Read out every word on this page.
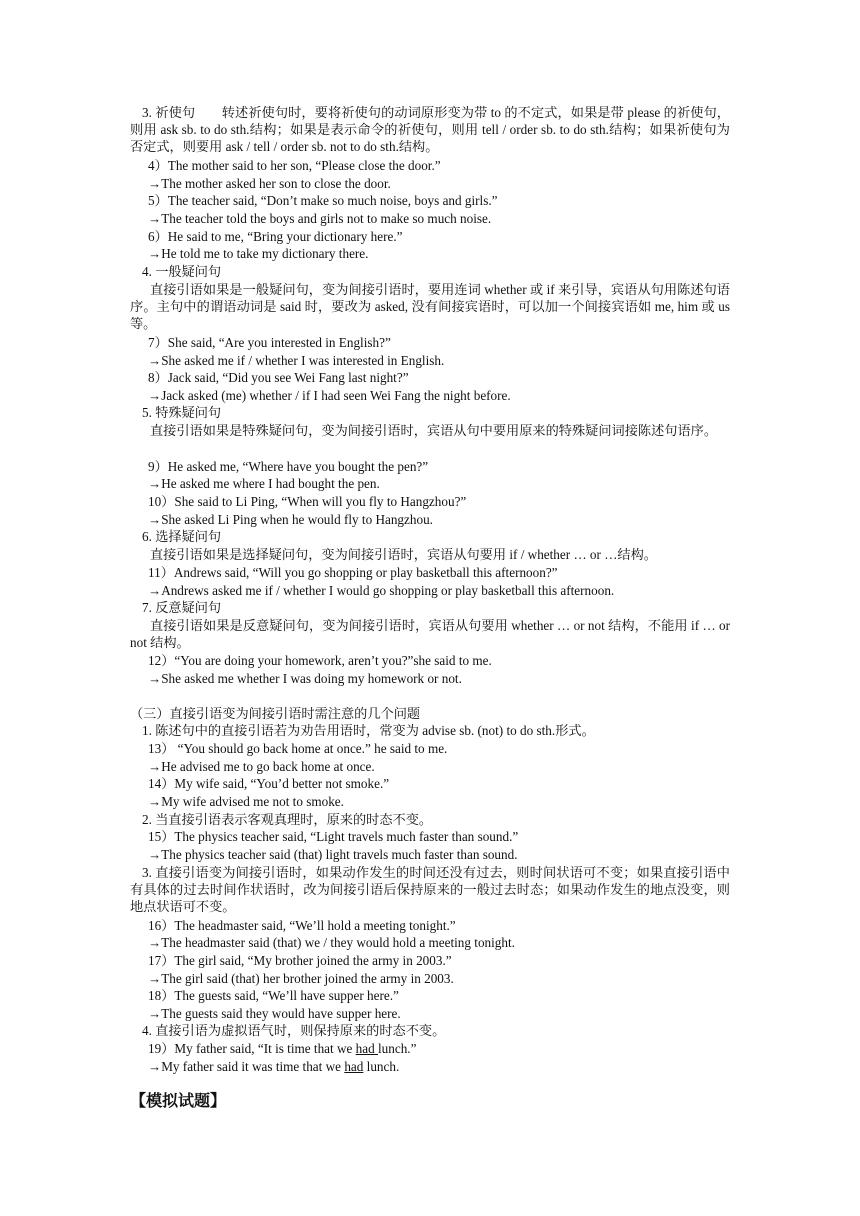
3. 祈使句　　转述祈使句时，要将祈使句的动词原形变为带 to 的不定式，如果是带 please 的祈使句，则用 ask sb. to do sth.结构；如果是表示命令的祈使句，则用 tell / order sb. to do sth.结构；如果祈使句为否定式，则要用 ask / tell / order sb. not to do sth.结构。
4）The mother said to her son, “Please close the door.”
→The mother asked her son to close the door.
5）The teacher said, “Don’t make so much noise, boys and girls.”
→The teacher told the boys and girls not to make so much noise.
6）He said to me, “Bring your dictionary here.”
→He told me to take my dictionary there.
4. 一般疑问句
直接引语如果是一般疑问句，变为间接引语时，要用连词 whether 或 if 来引导，宾语从句用陈述句语序。主句中的谓语动词是 said 时，要改为 asked, 没有间接宾语时，可以加一个间接宾语如 me, him 或 us 等。
7）She said, “Are you interested in English?”
→She asked me if / whether I was interested in English.
8）Jack said, “Did you see Wei Fang last night?”
→Jack asked (me) whether / if I had seen Wei Fang the night before.
5. 特殊疑问句
直接引语如果是特殊疑问句，变为间接引语时，宾语从句中要用原来的特殊疑问词接陈述句语序。
9）He asked me, “Where have you bought the pen?”
→He asked me where I had bought the pen.
10）She said to Li Ping, “When will you fly to Hangzhou?”
→She asked Li Ping when he would fly to Hangzhou.
6. 选择疑问句
直接引语如果是选择疑问句，变为间接引语时，宾语从句要用 if / whether … or …结构。
11）Andrews said, “Will you go shopping or play basketball this afternoon?”
→Andrews asked me if / whether I would go shopping or play basketball this afternoon.
7. 反意疑问句
直接引语如果是反意疑问句，变为间接引语时，宾语从句要用 whether … or not 结构，不能用 if … or not 结构。
12）“You are doing your homework, aren’t you?”she said to me.
→She asked me whether I was doing my homework or not.
（三）直接引语变为间接引语时需注意的几个问题
1. 陈述句中的直接引语若为劝告用语时，常变为 advise sb. (not) to do sth.形式。
13） “You should go back home at once.” he said to me.
→He advised me to go back home at once.
14）My wife said, “You’d better not smoke.”
→My wife advised me not to smoke.
2. 当直接引语表示客观真理时，原来的时态不变。
15）The physics teacher said, “Light travels much faster than sound.”
→The physics teacher said (that) light travels much faster than sound.
3. 直接引语变为间接引语时，如果动作发生的时间还没有过去，则时间状语可不变；如果直接引语中有具体的过去时间作状语时，改为间接引语后保持原来的一般过去时态；如果动作发生的地点没变，则地点状语可不变。
16）The headmaster said, “We’ll hold a meeting tonight.”
→The headmaster said (that) we / they would hold a meeting tonight.
17）The girl said, “My brother joined the army in 2003.”
→The girl said (that) her brother joined the army in 2003.
18）The guests said, “We’ll have supper here.”
→The guests said they would have supper here.
4. 直接引语为虚拟语气时，则保持原来的时态不变。
19）My father said, “It is time that we had lunch.”
→My father said it was time that we had lunch.
【模拟试题】
